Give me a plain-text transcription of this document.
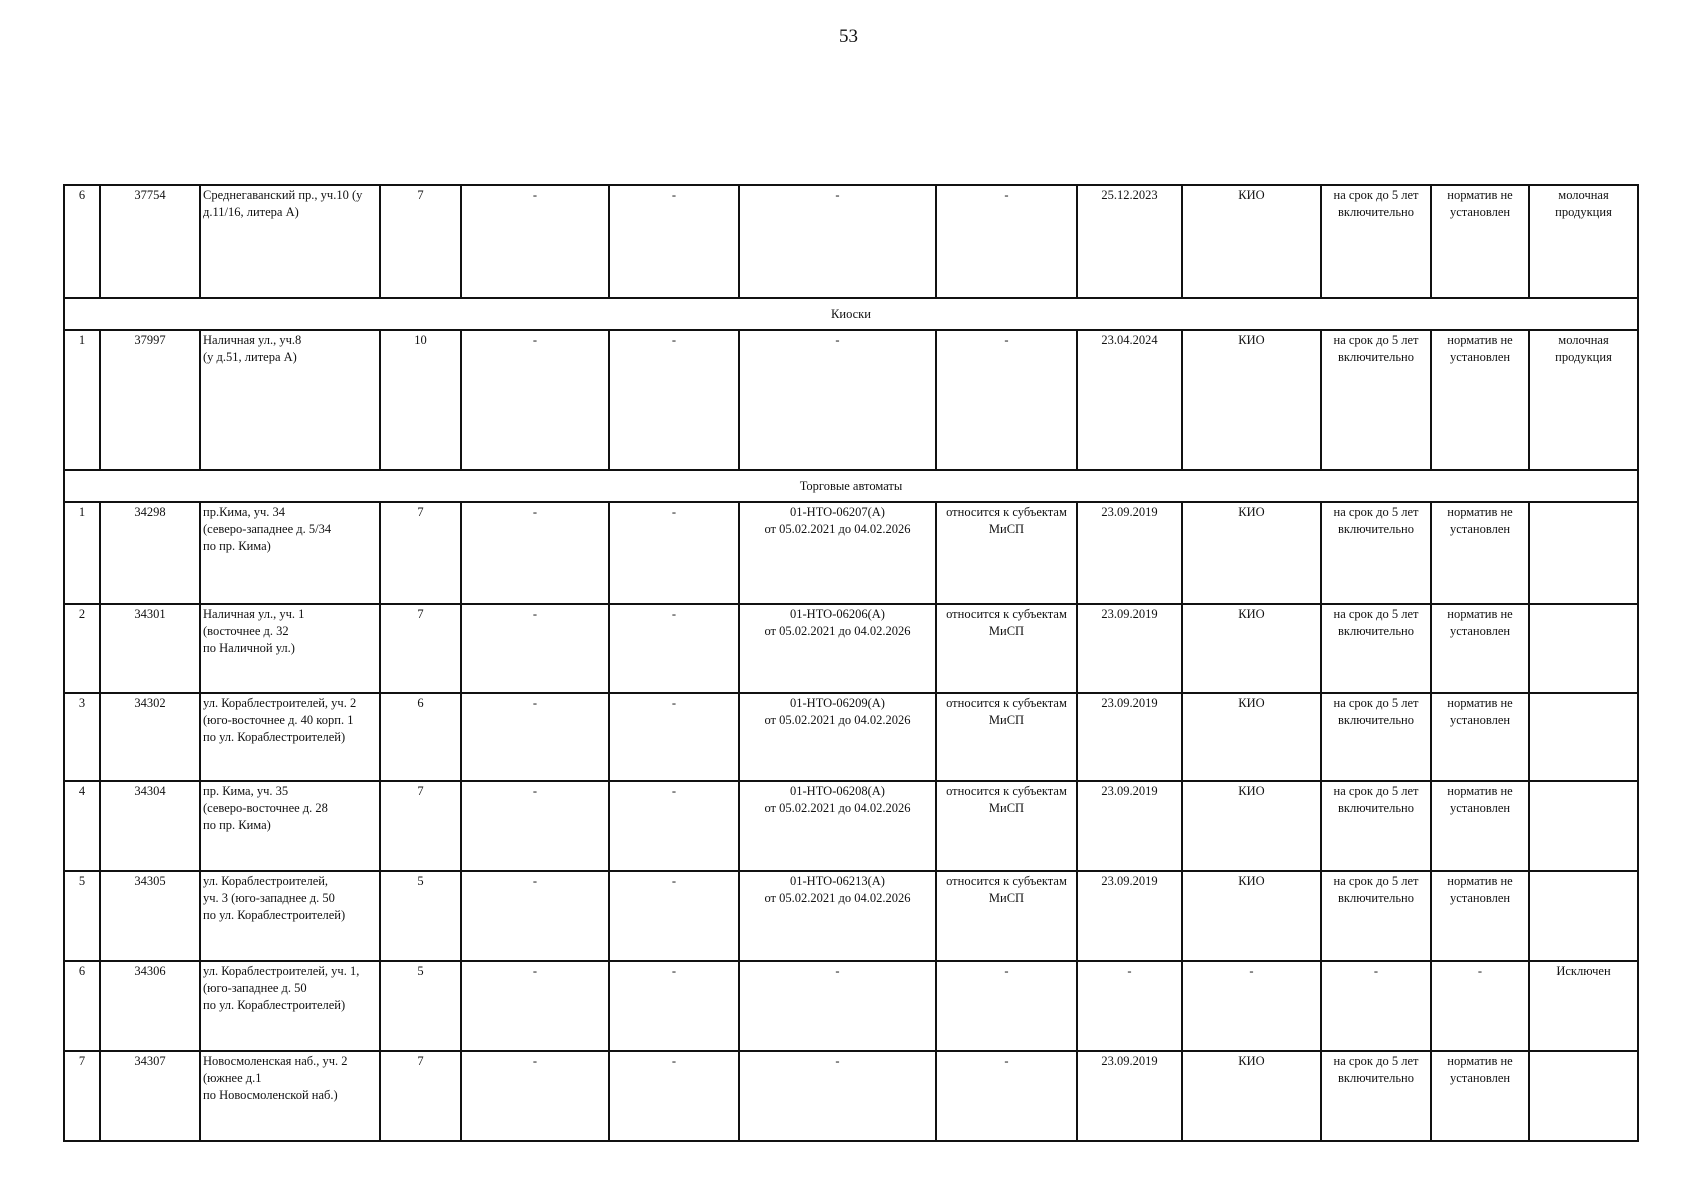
53
6	37754	Среднегаванский пр., уч.10 (у д.11/16, литера А)	7	-	-	-	-	25.12.2023	КИО	на срок до 5 лет включительно	норматив не установлен	молочная продукция
Киоски												
1	37997	Наличная ул., уч.8
(у д.51, литера А)	10	-	-	-	-	23.04.2024	КИО	на срок до 5 лет включительно	норматив не установлен	молочная продукция
Торговые автоматы												
1	34298	пр.Кима, уч. 34
(северо-западнее д. 5/34
по пр. Кима)	7	-	-	01-НТО-06207(А)
от 05.02.2021 до 04.02.2026	относится к субъектам МиСП	23.09.2019	КИО	на срок до 5 лет включительно	норматив не установлен	
2	34301	Наличная ул., уч. 1
(восточнее д. 32
по Наличной ул.)	7	-	-	01-НТО-06206(А)
от 05.02.2021 до 04.02.2026	относится к субъектам МиСП	23.09.2019	КИО	на срок до 5 лет включительно	норматив не установлен	
3	34302	ул. Кораблестроителей, уч. 2
(юго-восточнее д. 40 корп. 1
по ул. Кораблестроителей)	6	-	-	01-НТО-06209(А)
от 05.02.2021 до 04.02.2026	относится к субъектам МиСП	23.09.2019	КИО	на срок до 5 лет включительно	норматив не установлен	
4	34304	пр. Кима, уч. 35
(северо-восточнее д. 28
по пр. Кима)	7	-	-	01-НТО-06208(А)
от 05.02.2021 до 04.02.2026	относится к субъектам МиСП	23.09.2019	КИО	на срок до 5 лет включительно	норматив не установлен	
5	34305	ул. Кораблестроителей,
уч. 3 (юго-западнее д. 50
по ул. Кораблестроителей)	5	-	-	01-НТО-06213(А)
от 05.02.2021 до 04.02.2026	относится к субъектам МиСП	23.09.2019	КИО	на срок до 5 лет включительно	норматив не установлен	
6	34306	ул. Кораблестроителей, уч. 1,
(юго-западнее д. 50
по ул. Кораблестроителей)	5	-	-	-	-	-	-	-	-	Исключен
7	34307	Новосмоленская наб., уч. 2
(южнее д.1
по Новосмоленской наб.)	7	-	-	-	-	23.09.2019	КИО	на срок до 5 лет включительно	норматив не установлен	
